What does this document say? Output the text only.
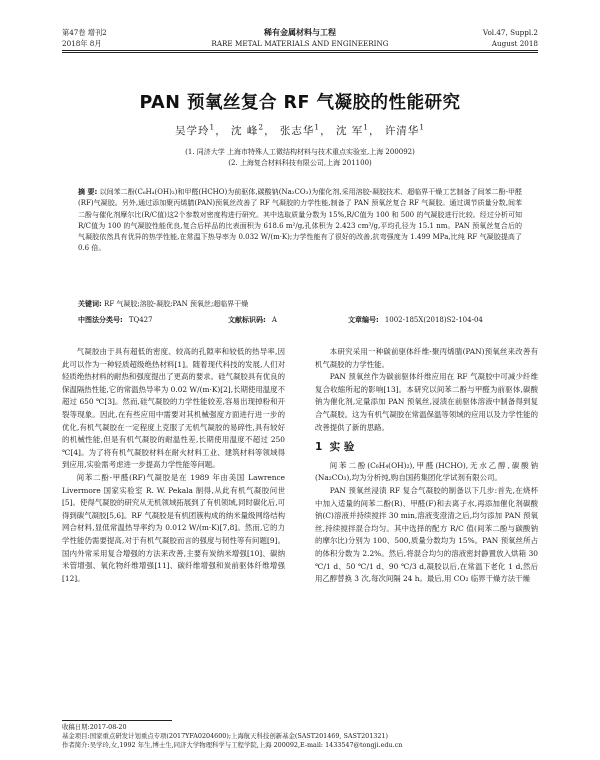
第47卷 增刊2	稀有金属材料与工程	Vol.47, Suppl.2
2018年 8月	RARE METAL MATERIALS AND ENGINEERING	August 2018
PAN 预氧丝复合 RF 气凝胶的性能研究
吴学玲$^1$， 沈 峰$^2$， 张志华$^1$， 沈 军$^1$， 许清华$^1$
(1. 同济大学 上海市特殊人工微结构材料与技术重点实验室,上海 200092)
(2. 上海复合材料科技有限公司,上海 201100)
摘 要: 以间苯二酚(C₆H₄(OH)₂)和甲醛(HCHO)为前驱体,碳酸钠(Na₂CO₃)为催化剂,采用溶胶-凝胶技术、超临界干燥工艺制备了间苯二酚-甲醛(RF)气凝胶。另外,通过添加聚丙烯腈(PAN)预氧丝改善了 RF 气凝胶的力学性能,制备了 PAN 预氧丝复合 RF 气凝胶。通过调节质量分数,间苯二酚与催化剂摩尔比(R/C值)这2个参数对密度构进行研究。其中选取质量分数为 15%,R/C值为 100 和 500 的气凝胶进行比较。经过分析可知 R/C值为 100 的气凝胶性能优良,复合后样品的比表面积为 618.6 m²/g,孔体积为 2.423 cm³/g,平均孔径为 15.1 nm。PAN 预氧丝复合后的气凝胶依然具有优异的热学性能,在常温下热导率为 0.032 W/(m·K);力学性能有了很好的改善,抗弯强度为 1.499 MPa,比纯 RF 气凝胶提高了 0.6 倍。
关键词: RF 气凝胶;溶胶-凝胶;PAN 预氧丝;超临界干燥
中图法分类号: TQ427	文献标识码: A	文章编号: 1002-185X(2018)S2-104-04

气凝胶由于具有超低的密度、较高的孔隙率和较低的热导率,因此可以作为一种轻质超级绝热材料[1]。随着现代科技的发展,人们对轻质绝热材料的耐热和强度提出了更高的要求。硅气凝胶具有优良的保温隔热性能,它的常温热导率为 0.02 W/(m·K)[2],长期使用温度不超过 650 ℃[3]。然而,硅气凝胶的力学性能较差,容易出现掉粉和开裂等现象。因此,在有些应用中需要对其机械强度方面进行进一步的优化,有机气凝胶在一定程度上克服了无机气凝胶的易碎性,具有较好的机械性能,但是有机气凝胶的耐温性差,长期使用温度不超过 250 ℃[4]。为了将有机气凝胶材料在耐火材料工业、建筑材料等领域得到应用,实验需考虑进一步提高力学性能等问题。

间苯二酚-甲醛(RF)气凝胶是在 1989 年由美国 Lawrence Livermore 国家实验室 R. W. Pekala 制得,从此有机气凝胶问世[5]。使得气凝胶的研究从无机领域拓展到了有机领域,同时碳化后,可得到碳气凝胶[5,6]。RF 气凝胶是有机团簇构成的纳米量级网络结构网合材料,显低常温热导率约为 0.012 W/(m·K)[7,8]。然而,它的力学性能仍需要提高,对于有机气凝胶而言的强度与韧性等有问题[9]。国内外常采用复合增强的方法来改善,主要有炭纳米增强[10]、碳纳米管增强、氧化物纤维增强[11]、碳纤维增强和炭前驱体纤维增强[12]。

本研究采用一种碳前驱体纤维-聚丙烯腈(PAN)预氧丝来改善有机气凝胶的力学性能。

PAN 预氧丝作为碳前驱体纤维应用在 RF 气凝胶中可减少纤维复合收缩所起的影响[13]。本研究以间苯二酚与甲醛为前驱体,碳酸钠为催化剂,定量添加 PAN 预氧丝,浸渍在前驱体溶液中制备得到复合气凝胶。这为有机气凝胶在常温保温等领域的应用以及力学性能的改善提供了新的思路。

1 实 验

间苯二酚(C₆H₄(OH)₂),甲醛(HCHO),无水乙醇,碳酸钠(Na₂CO₃),均为分析纯,购自国药集团化学试剂有限公司。

PAN 预氧丝浸渍 RF 复合气凝胶的制备以下几步:首先,在烧杯中加入适量的间苯二酚(R)、甲醛(F)和去离子水,再添加催化剂碳酸钠(C)溶液并持续搅拌 30 min,溶液变澄清之后,均匀添加 PAN 预氧丝,持续搅拌混合均匀。其中选择的配方 R/C 值(间苯二酚与碳酸钠的摩尔比)分别为 100、500,质量分数均为 15%。PAN 预氧丝所占的体积分数为 2.2%。然后,将混合均匀的溶液密封静置放入烘箱 30 ℃/1 d、50 ℃/1 d、90 ℃/3 d,凝胶以后,在常温下老化 1 d,然后用乙醇替换 3 次,每次间隔 24 h。最后,用 CO₂ 临界干燥方法干燥

收稿日期:2017-08-20
基金项目:国家重点研发计划重点专项(2017YFA0204600);上海航天科技创新基金(SAST201469, SAST201321)
作者简介:吴学玲,女,1992 年生,博士生,同济大学物理科学与工程学院,上海 200092,E-mail: 1433547@tongji.edu.cn
